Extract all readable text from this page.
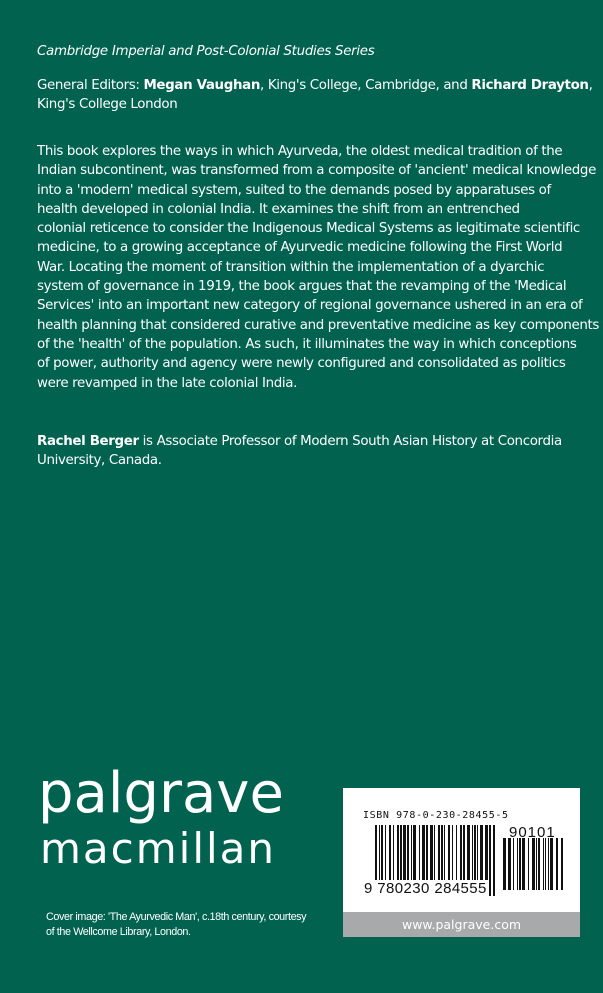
Cambridge Imperial and Post-Colonial Studies Series
General Editors: Megan Vaughan, King's College, Cambridge, and Richard Drayton, King's College London
This book explores the ways in which Ayurveda, the oldest medical tradition of the
Indian subcontinent, was transformed from a composite of 'ancient' medical knowledge
into a 'modern' medical system, suited to the demands posed by apparatuses of
health developed in colonial India. It examines the shift from an entrenched
colonial reticence to consider the Indigenous Medical Systems as legitimate scientific
medicine, to a growing acceptance of Ayurvedic medicine following the First World
War. Locating the moment of transition within the implementation of a dyarchic
system of governance in 1919, the book argues that the revamping of the 'Medical
Services' into an important new category of regional governance ushered in an era of
health planning that considered curative and preventative medicine as key components
of the 'health' of the population. As such, it illuminates the way in which conceptions
of power, authority and agency were newly configured and consolidated as politics
were revamped in the late colonial India.
Rachel Berger is Associate Professor of Modern South Asian History at Concordia
University, Canada.
palgrave
macmillan
Cover image: 'The Ayurvedic Man', c.18th century, courtesy
of the Wellcome Library, London.
ISBN 978-0-230-28455-5
90101
9 780230 284555
www.palgrave.com
